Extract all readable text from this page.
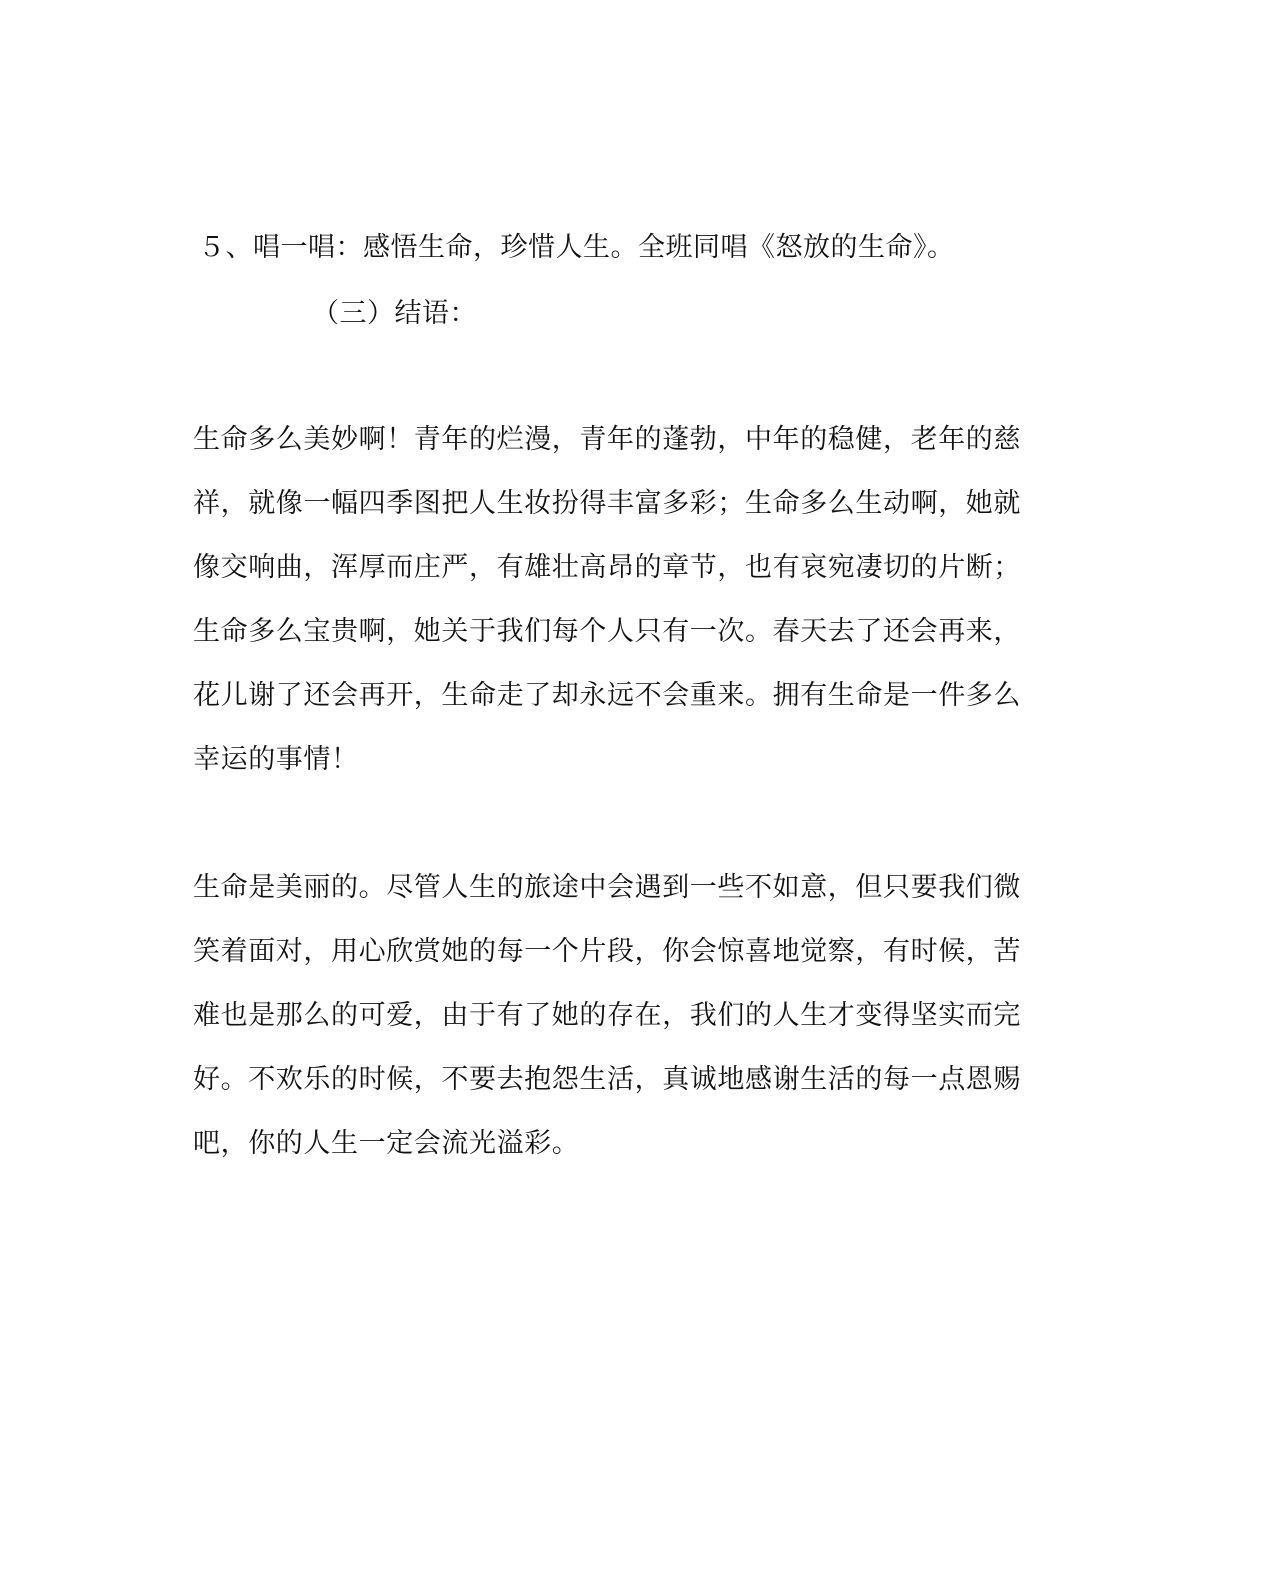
５、唱一唱：感悟生命，珍惜人生。全班同唱《怒放的生命》。
（三）结语：
生命多么美妙啊！青年的烂漫，青年的蓬勃，中年的稳健，老年的慈
祥，就像一幅四季图把人生妆扮得丰富多彩；生命多么生动啊，她就
像交响曲，浑厚而庄严，有雄壮高昂的章节，也有哀宛凄切的片断；
生命多么宝贵啊，她关于我们每个人只有一次。春天去了还会再来，
花儿谢了还会再开，生命走了却永远不会重来。拥有生命是一件多么
幸运的事情！
生命是美丽的。尽管人生的旅途中会遇到一些不如意，但只要我们微
笑着面对，用心欣赏她的每一个片段，你会惊喜地觉察，有时候，苦
难也是那么的可爱，由于有了她的存在，我们的人生才变得坚实而完
好。不欢乐的时候，不要去抱怨生活，真诚地感谢生活的每一点恩赐
吧，你的人生一定会流光溢彩。
